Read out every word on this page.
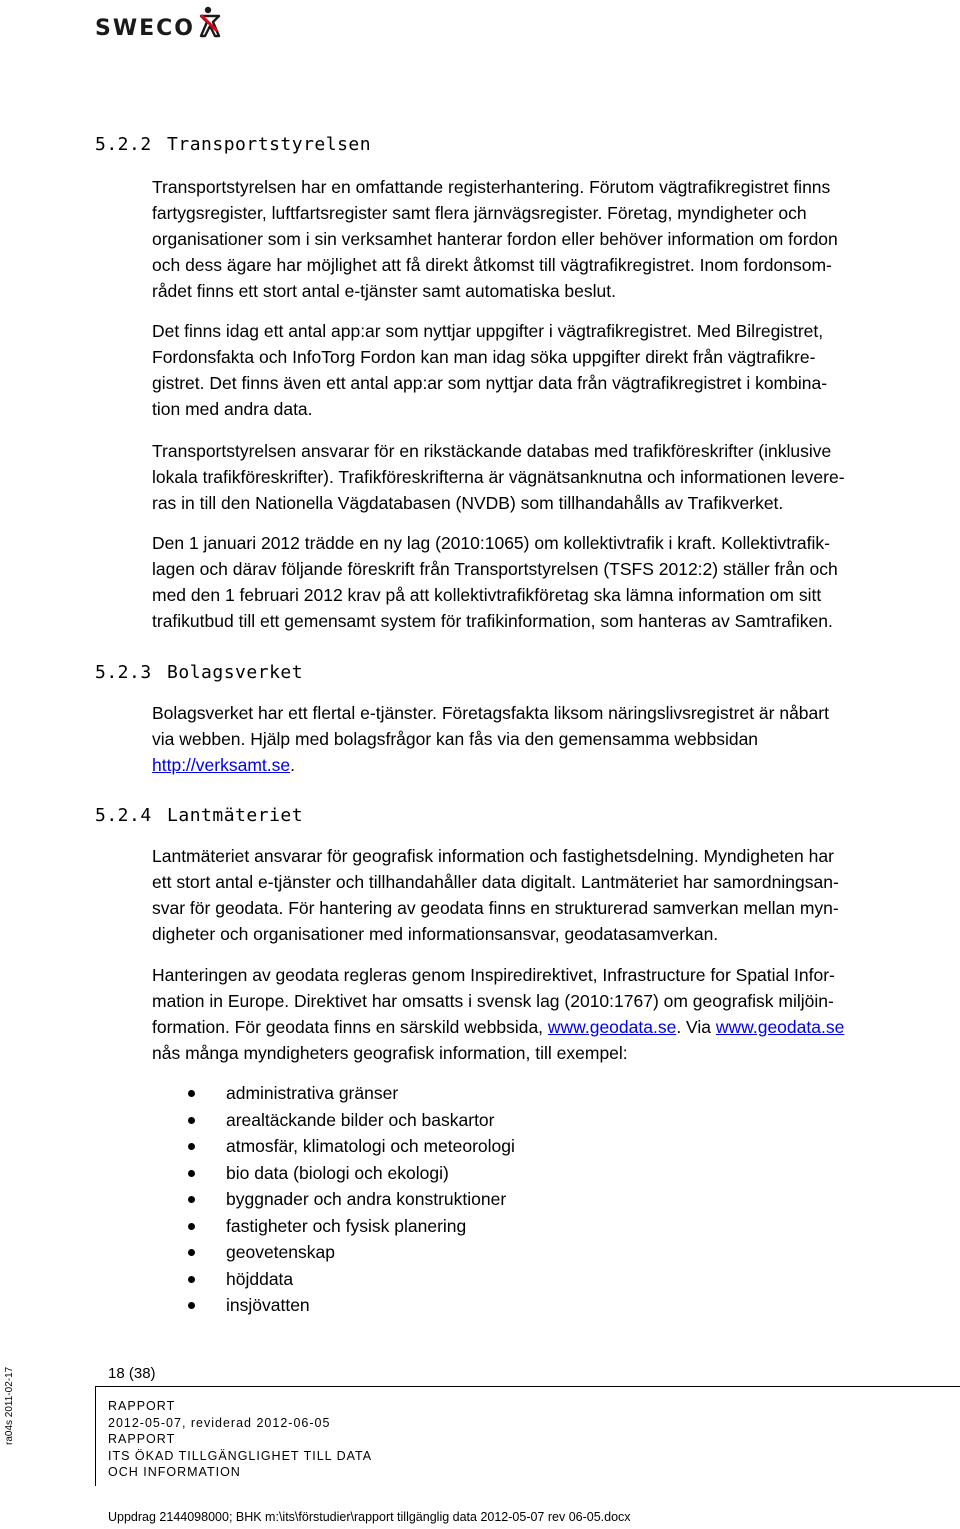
SWECO
5.2.2 Transportstyrelsen

Transportstyrelsen har en omfattande registerhantering. Förutom vägtrafikregistret finns
fartygsregister, luftfartsregister samt flera järnvägsregister. Företag, myndigheter och
organisationer som i sin verksamhet hanterar fordon eller behöver information om fordon
och dess ägare har möjlighet att få direkt åtkomst till vägtrafikregistret. Inom fordonsom-
rådet finns ett stort antal e-tjänster samt automatiska beslut.

Det finns idag ett antal app:ar som nyttjar uppgifter i vägtrafikregistret. Med Bilregistret,
Fordonsfakta och InfoTorg Fordon kan man idag söka uppgifter direkt från vägtrafikre-
gistret. Det finns även ett antal app:ar som nyttjar data från vägtrafikregistret i kombina-
tion med andra data.

Transportstyrelsen ansvarar för en rikstäckande databas med trafikföreskrifter (inklusive
lokala trafikföreskrifter). Trafikföreskrifterna är vägnätsanknutna och informationen levere-
ras in till den Nationella Vägdatabasen (NVDB) som tillhandahålls av Trafikverket.

Den 1 januari 2012 trädde en ny lag (2010:1065) om kollektivtrafik i kraft. Kollektivtrafik-
lagen och därav följande föreskrift från Transportstyrelsen (TSFS 2012:2) ställer från och
med den 1 februari 2012 krav på att kollektivtrafikföretag ska lämna information om sitt
trafikutbud till ett gemensamt system för trafikinformation, som hanteras av Samtrafiken.

5.2.3 Bolagsverket

Bolagsverket har ett flertal e-tjänster. Företagsfakta liksom näringslivsregistret är nåbart
via webben. Hjälp med bolagsfrågor kan fås via den gemensamma webbsidan
http://verksamt.se.

5.2.4 Lantmäteriet

Lantmäteriet ansvarar för geografisk information och fastighetsdelning. Myndigheten har
ett stort antal e-tjänster och tillhandahåller data digitalt. Lantmäteriet har samordningsan-
svar för geodata. För hantering av geodata finns en strukturerad samverkan mellan myn-
digheter och organisationer med informationsansvar, geodatasamverkan.

Hanteringen av geodata regleras genom Inspiredirektivet, Infrastructure for Spatial Infor-
mation in Europe. Direktivet har omsatts i svensk lag (2010:1767) om geografisk miljöin-
formation. För geodata finns en särskild webbsida, www.geodata.se. Via www.geodata.se
nås många myndigheters geografisk information, till exempel:

administrativa gränser
arealtäckande bilder och baskartor
atmosfär, klimatologi och meteorologi
bio data (biologi och ekologi)
byggnader och andra konstruktioner
fastigheter och fysisk planering
geovetenskap
höjddata
insjövatten
18 (38)
RAPPORT
2012-05-07, reviderad 2012-06-05
RAPPORT
ITS ÖKAD TILLGÄNGLIGHET TILL DATA
OCH INFORMATION
ra04s 2011-02-17
Uppdrag 2144098000; BHK m:\its\förstudier\rapport tillgänglig data 2012-05-07 rev 06-05.docx
